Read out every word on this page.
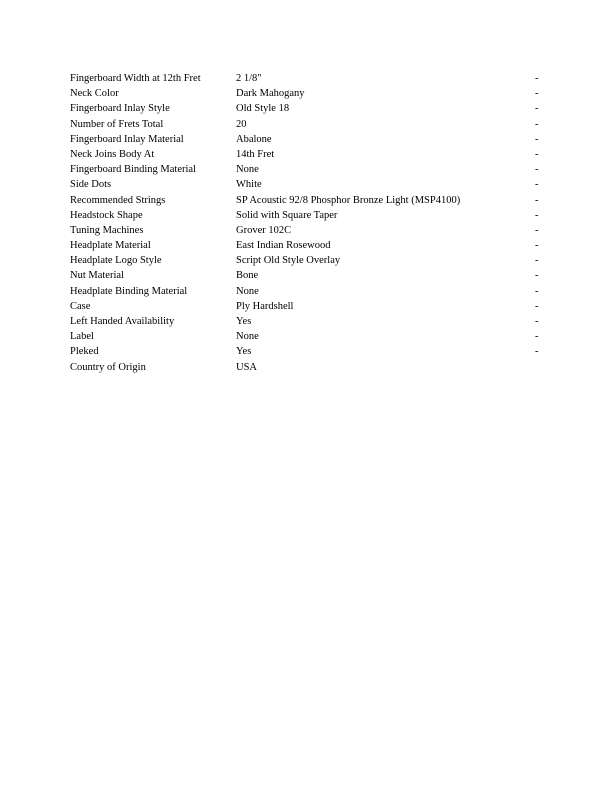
Fingerboard Width at 12th Fret	2 1/8"	-
Neck Color	Dark Mahogany	-
Fingerboard Inlay Style	Old Style 18	-
Number of Frets Total	20	-
Fingerboard Inlay Material	Abalone	-
Neck Joins Body At	14th Fret	-
Fingerboard Binding Material	None	-
Side Dots	White	-
Recommended Strings	SP Acoustic 92/8 Phosphor Bronze Light (MSP4100)	-
Headstock Shape	Solid with Square Taper	-
Tuning Machines	Grover 102C	-
Headplate Material	East Indian Rosewood	-
Headplate Logo Style	Script Old Style Overlay	-
Nut Material	Bone	-
Headplate Binding Material	None	-
Case	Ply Hardshell	-
Left Handed Availability	Yes	-
Label	None	-
Pleked	Yes	-
Country of Origin	USA
